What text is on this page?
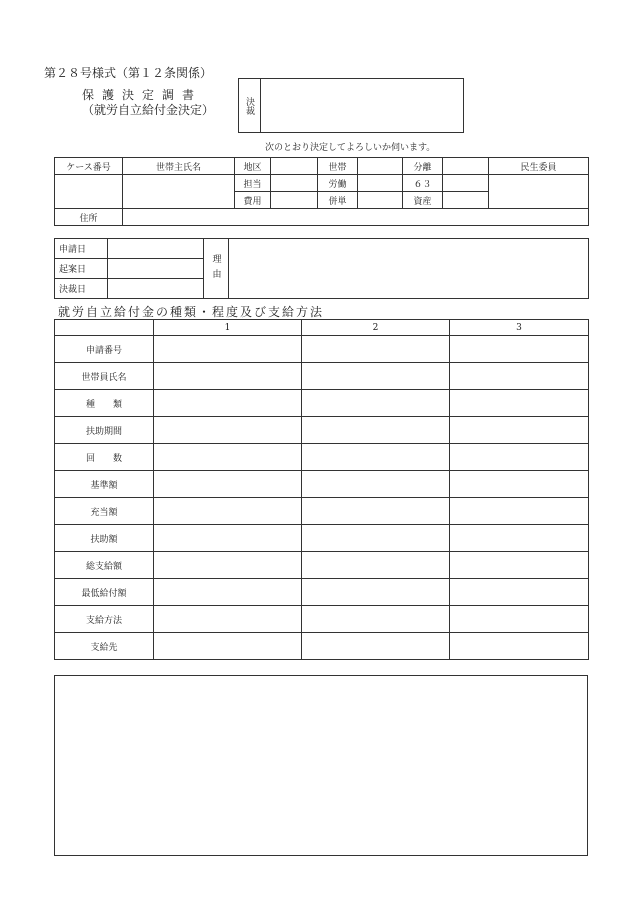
第２８号様式（第１２条関係）
保護決定調書
（就労自立給付金決定）	決裁
次のとおり決定してよろしいか伺います。
ケース番号	世帯主氏名	地区		世帯		分離		民生委員
		担当		労働		６３		
		費用		併単		資産		
住所								
申請日		理由	
起案日			
決裁日			
就労自立給付金の種類・程度及び支給方法
	1	2	3
申請番号			
世帯員氏名			
種　　類			
扶助期間			
回　　数			
基準額			
充当額			
扶助額			
総支給額			
最低給付額			
支給方法			
支給先			
